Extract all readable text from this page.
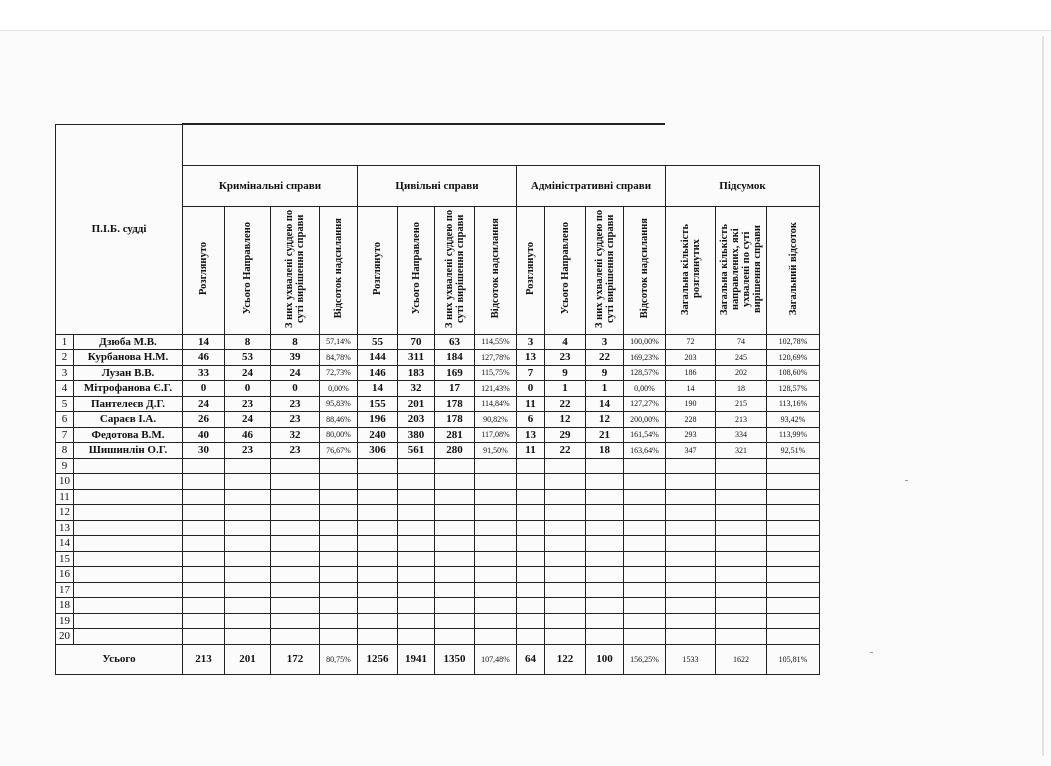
П.І.Б. судді																
		Кримінальні справи				Цивільні справи				Адміністративні справи				Підсумок		
		Розглянуто	Усього Направлено	З них ухвалені суддею по суті вирішення справи	Відсоток надсилання	Розглянуто	Усього Направлено	З них ухвалені суддею по суті вирішення справи	Відсоток надсилання	Розглянуто	Усього Направлено	З них ухвалені суддею по суті вирішення справи	Відсоток надсилання	Загальна кількість розглянутих	Загальна кількість направлених, які ухвалені по суті вирішення справи	Загальний відсоток
1	Дзюба М.В.	14	8	8	57,14%	55	70	63	114,55%	3	4	3	100,00%	72	74	102,78%
2	Курбанова Н.М.	46	53	39	84,78%	144	311	184	127,78%	13	23	22	169,23%	203	245	120,69%
3	Лузан В.В.	33	24	24	72,73%	146	183	169	115,75%	7	9	9	128,57%	186	202	108,60%
4	Мітрофанова Є.Г.	0	0	0	0,00%	14	32	17	121,43%	0	1	1	0,00%	14	18	128,57%
5	Пантелеєв Д.Г.	24	23	23	95,83%	155	201	178	114,84%	11	22	14	127,27%	190	215	113,16%
6	Сараєв І.А.	26	24	23	88,46%	196	203	178	90,82%	6	12	12	200,00%	228	213	93,42%
7	Федотова В.М.	40	46	32	80,00%	240	380	281	117,08%	13	29	21	161,54%	293	334	113,99%
8	Шишинлін О.Г.	30	23	23	76,67%	306	561	280	91,50%	11	22	18	163,64%	347	321	92,51%
9																
10																
11																
12																
13																
14																
15																
16																
17																
18																
19																
20																
Усього		213	201	172	80,75%	1256	1941	1350	107,48%	64	122	100	156,25%	1533	1622	105,81%
